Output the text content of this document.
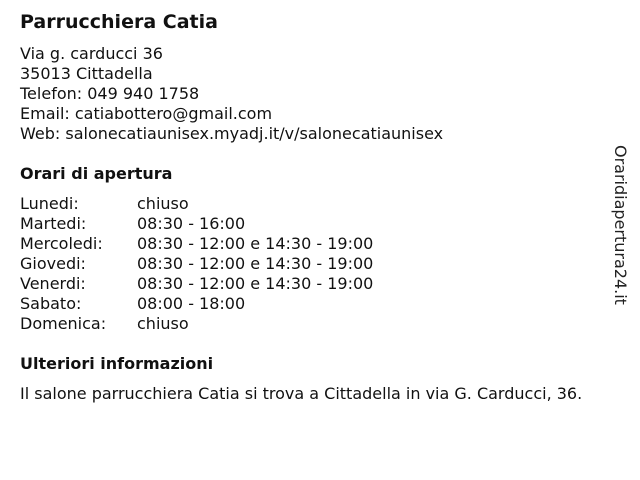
Parrucchiera Catia
Via g. carducci 36
35013 Cittadella
Telefon: 049 940 1758
Email: catiabottero@gmail.com
Web: salonecatiaunisex.myadj.it/v/salonecatiaunisex
Orari di apertura
Lunedi:	chiuso
Martedi:	08:30 - 16:00
Mercoledi:	08:30 - 12:00 e 14:30 - 19:00
Giovedi:	08:30 - 12:00 e 14:30 - 19:00
Venerdi:	08:30 - 12:00 e 14:30 - 19:00
Sabato:	08:00 - 18:00
Domenica:	chiuso
Ulteriori informazioni
Il salone parrucchiera Catia si trova a Cittadella in via G. Carducci, 36.
Oraridiapertura24.it
